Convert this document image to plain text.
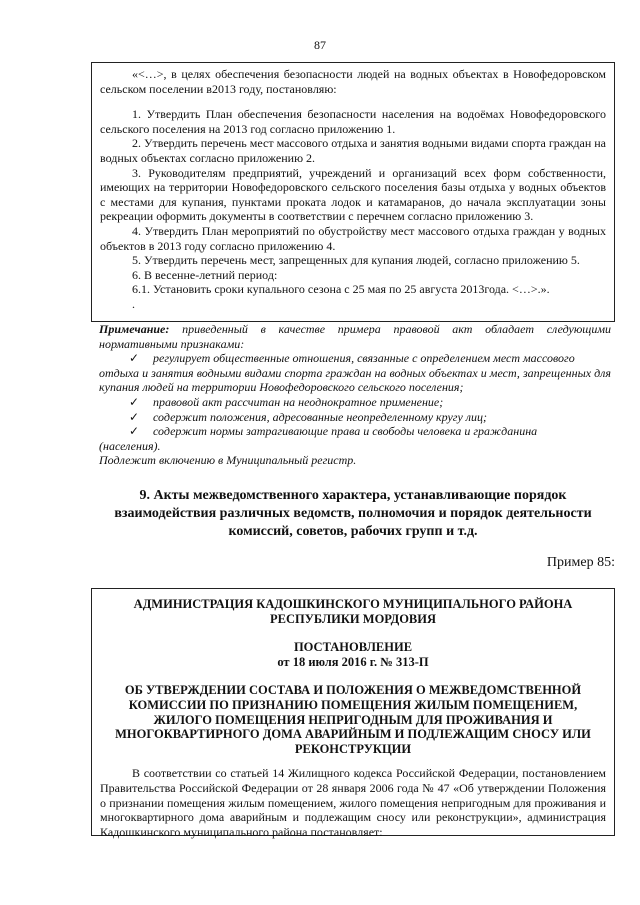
87

«<…>, в целях обеспечения безопасности людей на водных объектах в Новофедоровском сельском поселении в2013 году, постановляю:

1. Утвердить План обеспечения безопасности населения на водоёмах Новофедоровского сельского поселения на 2013 год согласно приложению 1.

2. Утвердить перечень мест массового отдыха и занятия водными видами спорта граждан на водных объектах согласно приложению 2.

3. Руководителям предприятий, учреждений и организаций всех форм собственности, имеющих на территории Новофедоровского сельского поселения базы отдыха у водных объектов с местами для купания, пунктами проката лодок и катамаранов, до начала эксплуатации зоны рекреации оформить документы в соответствии с перечнем согласно приложению 3.

4. Утвердить План мероприятий по обустройству мест массового отдыха граждан у водных объектов в 2013 году согласно приложению 4.

5. Утвердить перечень мест, запрещенных для купания людей, согласно приложению 5.

6. В весенне-летний период:

6.1. Установить сроки купального сезона с 25 мая по 25 августа 2013года. <…>.».

.

Примечание: приведенный в качестве примера правовой акт обладает следующими нормативными признаками:

✓	регулирует общественные отношения, связанные с определением мест массового

отдыха и занятия водными видами спорта граждан на водных объектах и мест, запрещенных для купания людей на территории Новофедоровского сельского поселения;

✓	правовой акт рассчитан на неоднократное применение;
✓	содержит положения, адресованные неопределенному кругу лиц;
✓	содержит нормы затрагивающие права и свободы человека и гражданина

(населения).

Подлежит включению в Муниципальный регистр.

9. Акты межведомственного характера, устанавливающие порядок взаимодействия различных ведомств, полномочия и порядок деятельности комиссий, советов, рабочих групп и т.д.
Пример 85:

АДМИНИСТРАЦИЯ КАДОШКИНСКОГО МУНИЦИПАЛЬНОГО РАЙОНА

РЕСПУБЛИКИ МОРДОВИЯ

ПОСТАНОВЛЕНИЕ

от 18 июля 2016 г. № 313-П

ОБ УТВЕРЖДЕНИИ СОСТАВА И ПОЛОЖЕНИЯ О МЕЖВЕДОМСТВЕННОЙ КОМИССИИ ПО ПРИЗНАНИЮ ПОМЕЩЕНИЯ ЖИЛЫМ ПОМЕЩЕНИЕМ, ЖИЛОГО ПОМЕЩЕНИЯ НЕПРИГОДНЫМ ДЛЯ ПРОЖИВАНИЯ И МНОГОКВАРТИРНОГО ДОМА АВАРИЙНЫМ И ПОДЛЕЖАЩИМ СНОСУ ИЛИ РЕКОНСТРУКЦИИ

В соответствии со статьей 14 Жилищного кодекса Российской Федерации, постановлением Правительства Российской Федерации от 28 января 2006 года № 47 «Об утверждении Положения о признании помещения жилым помещением, жилого помещения непригодным для проживания и многоквартирного дома аварийным и подлежащим сносу или реконструкции», администрация Кадошкинского муниципального района постановляет:
